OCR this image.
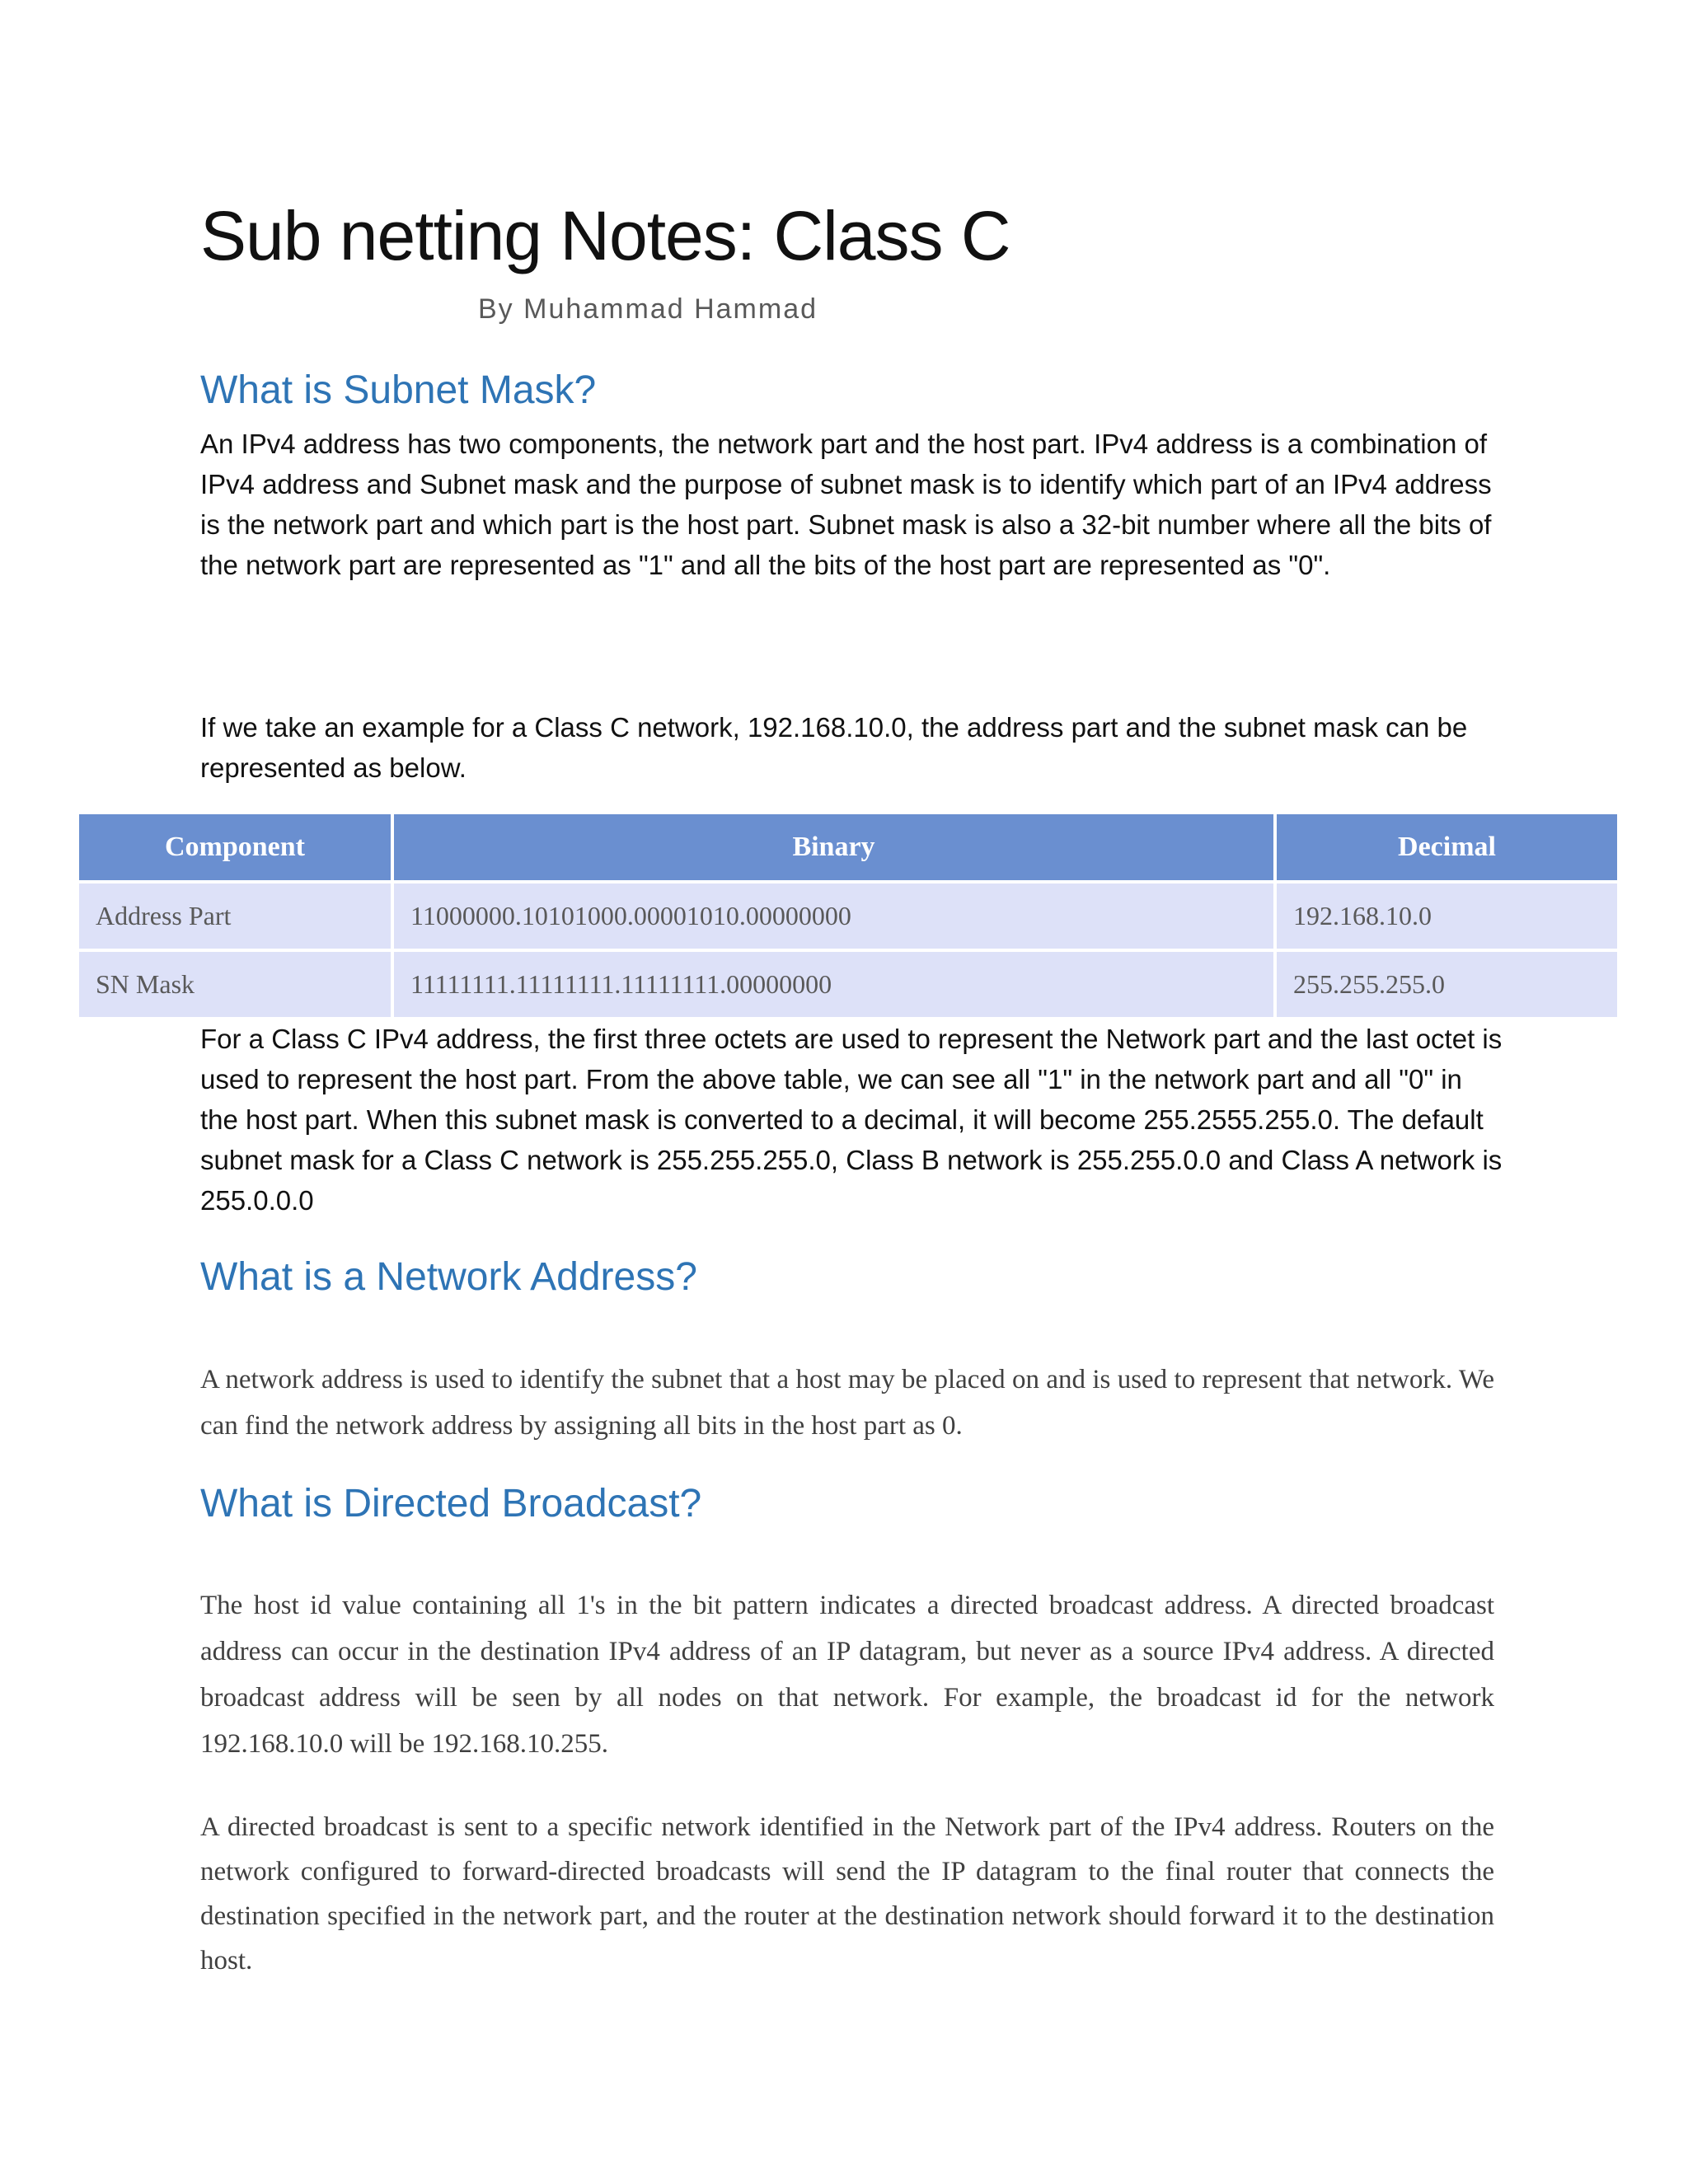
Sub netting Notes: Class C
By Muhammad Hammad
What is Subnet Mask?

An IPv4 address has two components, the network part and the host part. IPv4 address is a combination of IPv4 address and Subnet mask and the purpose of subnet mask is to identify which part of an IPv4 address is the network part and which part is the host part. Subnet mask is also a 32-bit number where all the bits of the network part are represented as "1" and all the bits of the host part are represented as "0".

If we take an example for a Class C network, 192.168.10.0, the address part and the subnet mask can be represented as below.

Component	Binary	Decimal
Address Part	11000000.10101000.00001010.00000000	192.168.10.0
SN Mask	11111111.11111111.11111111.00000000	255.255.255.0

For a Class C IPv4 address, the first three octets are used to represent the Network part and the last octet is used to represent the host part. From the above table, we can see all "1" in the network part and all "0" in the host part. When this subnet mask is converted to a decimal, it will become 255.2555.255.0. The default subnet mask for a Class C network is 255.255.255.0, Class B network is 255.255.0.0 and Class A network is 255.0.0.0

What is a Network Address?

A network address is used to identify the subnet that a host may be placed on and is used to represent that network. We can find the network address by assigning all bits in the host part as 0.

What is Directed Broadcast?

The host id value containing all 1's in the bit pattern indicates a directed broadcast address. A directed broadcast address can occur in the destination IPv4 address of an IP datagram, but never as a source IPv4 address. A directed broadcast address will be seen by all nodes on that network. For example, the broadcast id for the network 192.168.10.0 will be 192.168.10.255.

A directed broadcast is sent to a specific network identified in the Network part of the IPv4 address. Routers on the network configured to forward-directed broadcasts will send the IP datagram to the final router that connects the destination specified in the network part, and the router at the destination network should forward it to the destination host.
